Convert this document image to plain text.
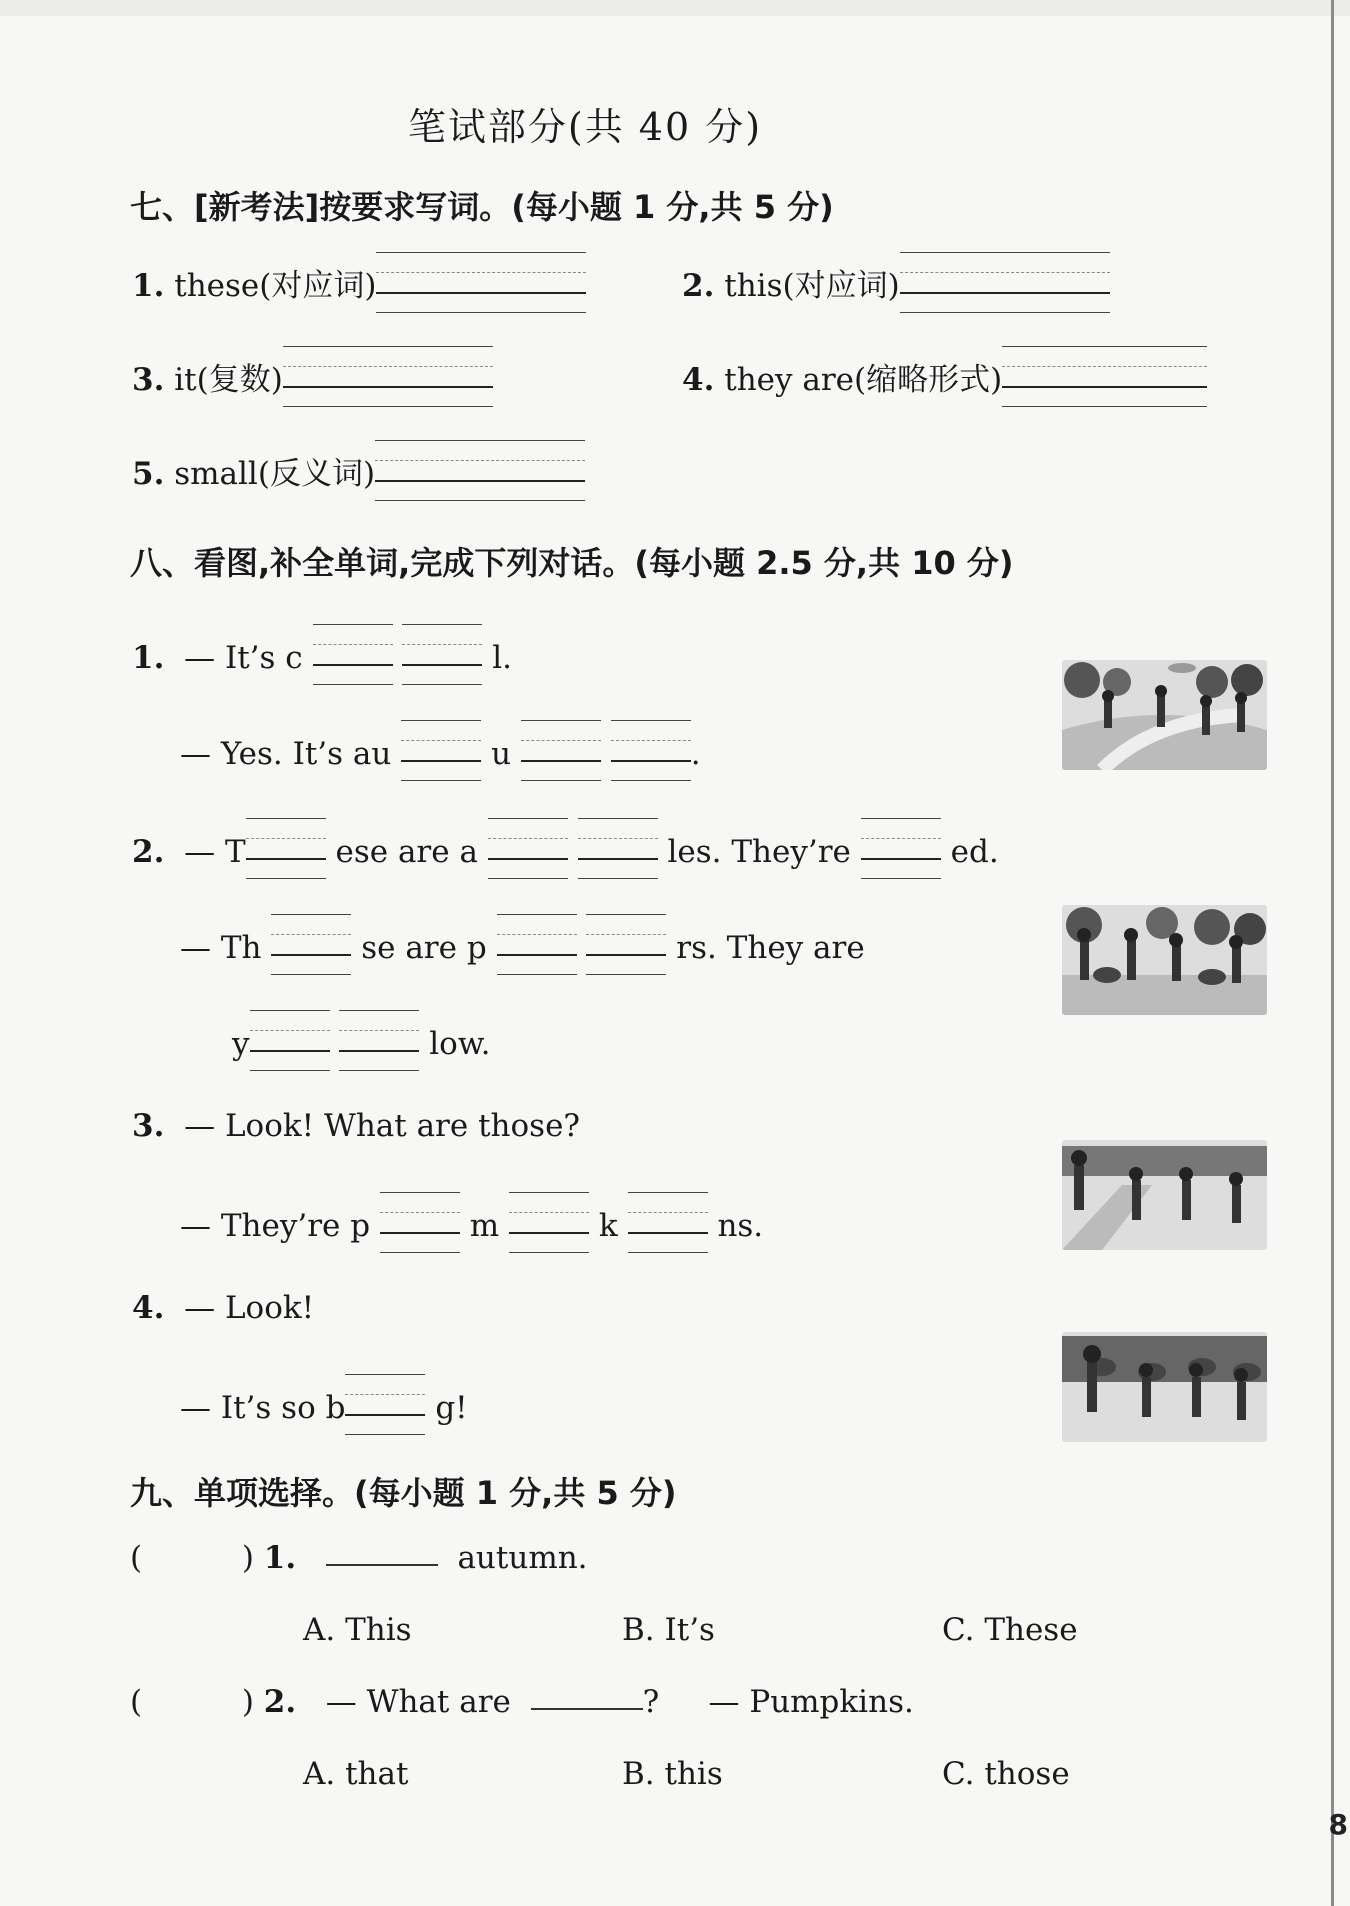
笔试部分(共 40 分)
七、[新考法]按要求写词。(每小题 1 分,共 5 分)
1. these(对应词)	2. this(对应词)
3. it(复数)	4. they are(缩略形式)
5. small(反义词)
八、看图,补全单词,完成下列对话。(每小题 2.5 分,共 10 分)
1. — It’s c
	l.
— Yes. It’s au	u
	.
2. — T	ese are a
	les. They’re	ed.
— Th	se are p
	rs. They are
y
	low.
3. — Look! What are those?
— They’re p	m	k	ns.
4. — Look!
— It’s so b	g!
九、单项选择。(每小题 1 分,共 5 分)
(	) 1.	autumn.
A. This	B. It’s	C. These
(	) 2. — What are	? — Pumpkins.
A. that	B. this	C. those
8
